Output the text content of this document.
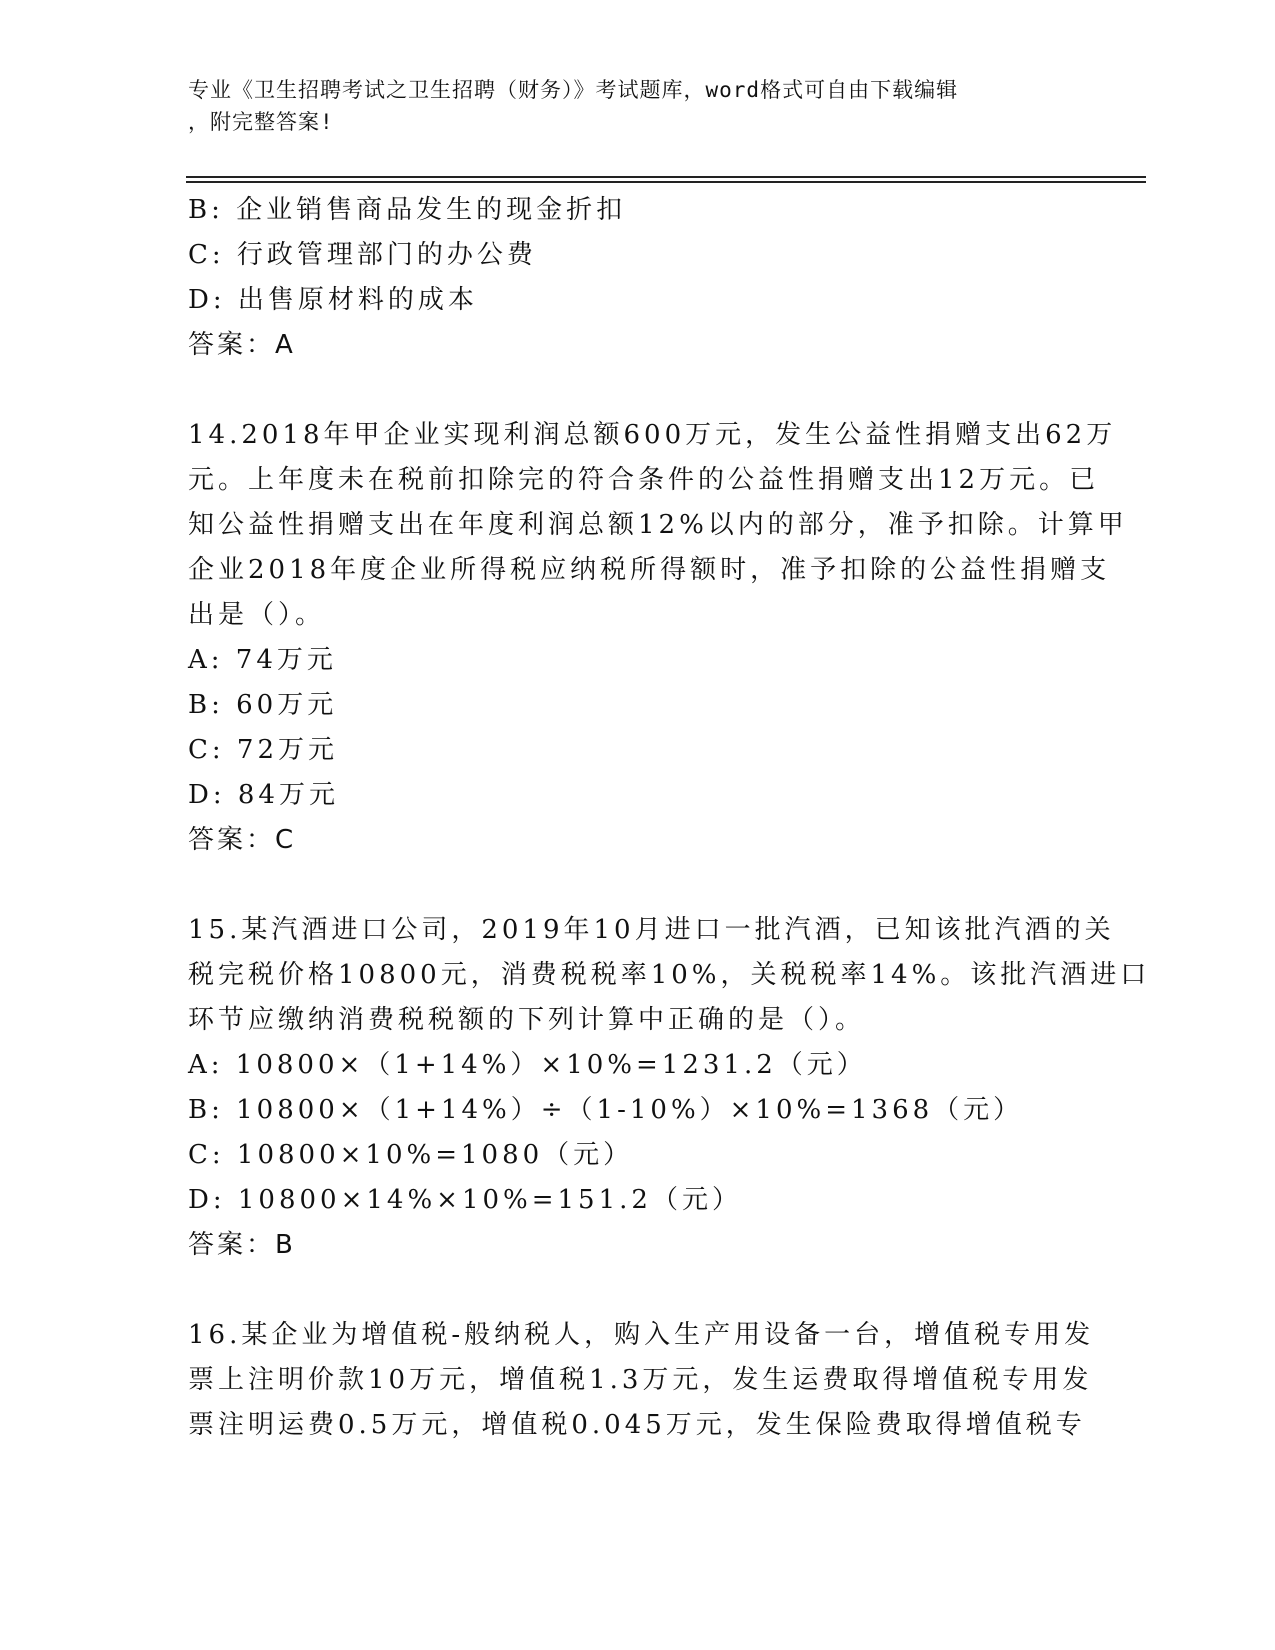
专业《卫生招聘考试之卫生招聘（财务）》考试题库，word格式可自由下载编辑
，附完整答案!
B: 企业销售商品发生的现金折扣
C: 行政管理部门的办公费
D: 出售原材料的成本
答案：A
14.2018年甲企业实现利润总额600万元，发生公益性捐赠支出62万
元。上年度未在税前扣除完的符合条件的公益性捐赠支出12万元。已
知公益性捐赠支出在年度利润总额12%以内的部分，准予扣除。计算甲
企业2018年度企业所得税应纳税所得额时，准予扣除的公益性捐赠支
出是（）。
A: 74万元
B: 60万元
C: 72万元
D: 84万元
答案：C
15.某汽酒进口公司，2019年10月进口一批汽酒，已知该批汽酒的关
税完税价格10800元，消费税税率10%，关税税率14%。该批汽酒进口
环节应缴纳消费税税额的下列计算中正确的是（）。
A: 10800×（1+14%）×10%=1231.2（元）
B: 10800×（1+14%）÷（1-10%）×10%=1368（元）
C: 10800×10%=1080（元）
D: 10800×14%×10%=151.2（元）
答案：B
16.某企业为增值税-般纳税人，购入生产用设备一台，增值税专用发
票上注明价款10万元，增值税1.3万元，发生运费取得增值税专用发
票注明运费0.5万元，增值税0.045万元，发生保险费取得增值税专
